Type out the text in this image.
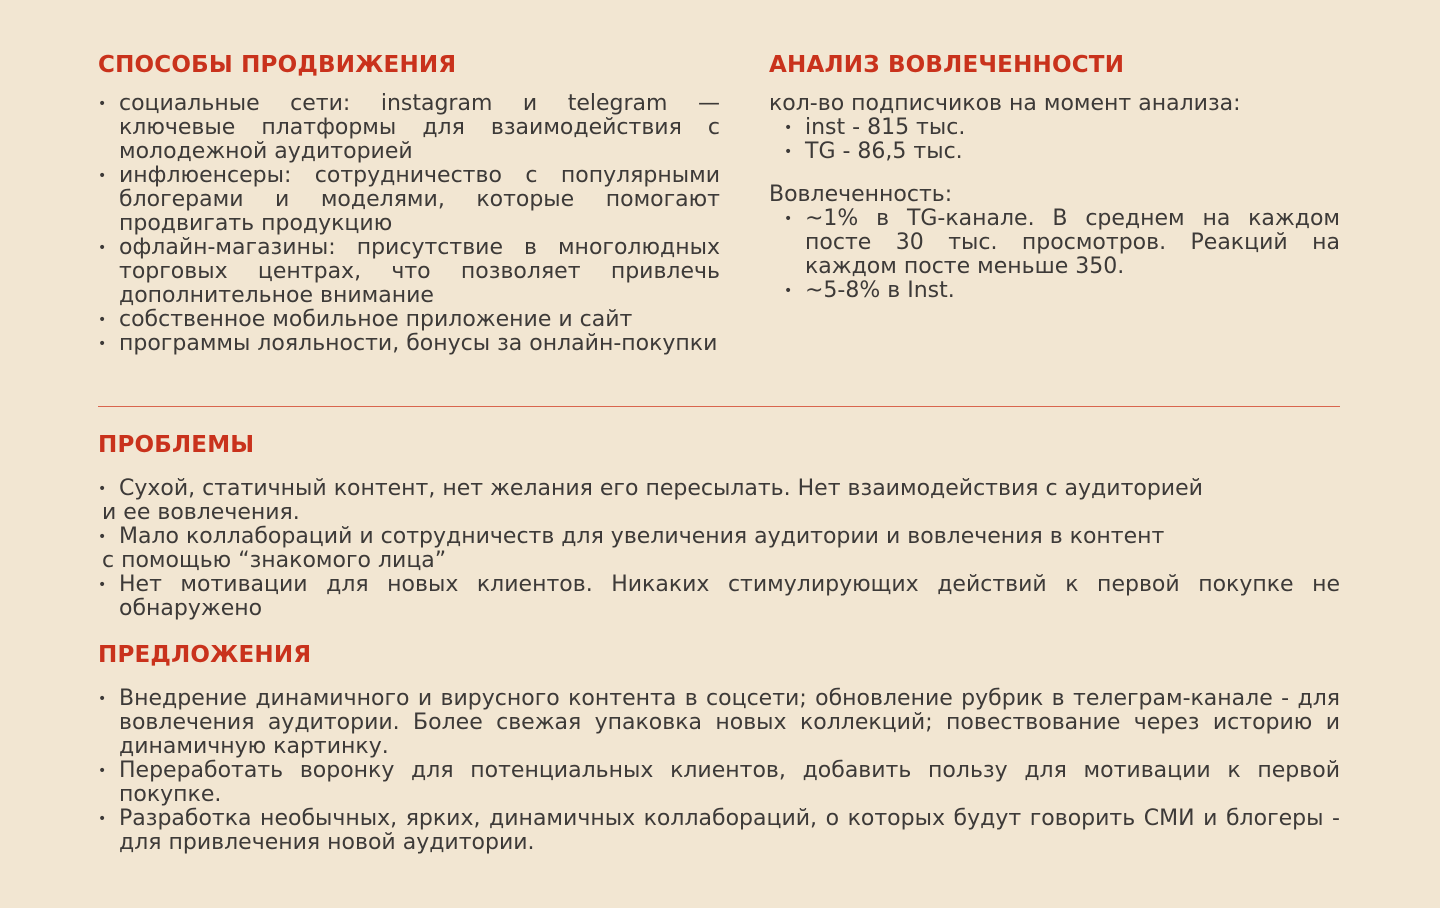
СПОСОБЫ ПРОДВИЖЕНИЯ
• социальные сети: instagram и telegram — ключевые платформы для взаимодействия с молодежной аудиторией
• инфлюенсеры: сотрудничество с популярными блогерами и моделями, которые помогают продвигать продукцию
• офлайн-магазины: присутствие в многолюдных торговых центрах, что позволяет привлечь дополнительное внимание
• собственное мобильное приложение и сайт
• программы лояльности, бонусы за онлайн-покупки
АНАЛИЗ ВОВЛЕЧЕННОСТИ
кол-во подписчиков на момент анализа:
• inst - 815 тыс.
• TG - 86,5 тыс.
Вовлеченность:
• ~1% в TG-канале. В среднем на каждом посте 30 тыс. просмотров. Реакций на каждом посте меньше 350.
• ~5-8% в Inst.
ПРОБЛЕМЫ
• Сухой, статичный контент, нет желания его пересылать. Нет взаимодействия с аудиторией
и ее вовлечения.
• Мало коллабораций и сотрудничеств для увеличения аудитории и вовлечения в контент
с помощью “знакомого лица”
• Нет мотивации для новых клиентов. Никаких стимулирующих действий к первой покупке не обнаружено
ПРЕДЛОЖЕНИЯ
• Внедрение динамичного и вирусного контента в соцсети; обновление рубрик в телеграм-канале - для вовлечения аудитории. Более свежая упаковка новых коллекций; повествование через историю и динамичную картинку.
• Переработать воронку для потенциальных клиентов, добавить пользу для мотивации к первой покупке.
• Разработка необычных, ярких, динамичных коллабораций, о которых будут говорить СМИ и блогеры - для привлечения новой аудитории.
